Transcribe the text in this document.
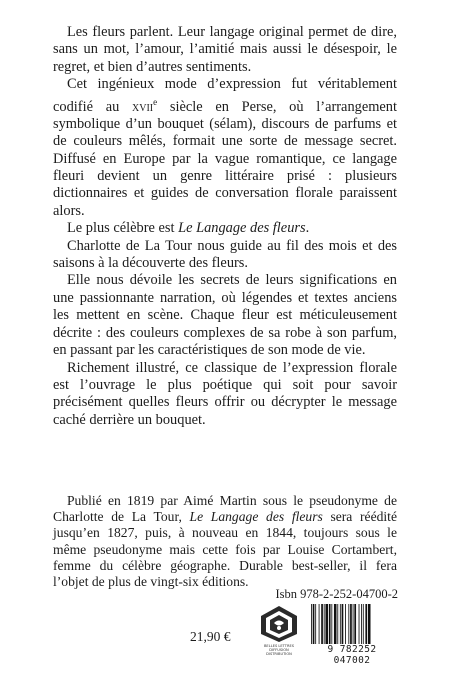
Les fleurs parlent. Leur langage original permet de dire, sans un mot, l’amour, l’amitié mais aussi le désespoir, le regret, et bien d’autres sentiments.

Cet ingénieux mode d’expression fut véritablement codifié au xvii$^e$ siècle en Perse, où l’arrangement symbolique d’un bouquet (sélam), discours de parfums et de couleurs mêlés, formait une sorte de message secret. Diffusé en Europe par la vague romantique, ce langage fleuri devient un genre littéraire prisé : plusieurs dictionnaires et guides de conversation florale paraissent alors.

Le plus célèbre est Le Langage des fleurs.

Charlotte de La Tour nous guide au fil des mois et des saisons à la découverte des fleurs.

Elle nous dévoile les secrets de leurs significations en une passionnante narration, où légendes et textes anciens les mettent en scène. Chaque fleur est méticuleusement décrite : des couleurs complexes de sa robe à son parfum, en passant par les caractéristiques de son mode de vie.

Richement illustré, ce classique de l’expression florale est l’ouvrage le plus poétique qui soit pour savoir précisément quelles fleurs offrir ou décrypter le message caché derrière un bouquet.

Publié en 1819 par Aimé Martin sous le pseudonyme de Charlotte de La Tour, Le Langage des fleurs sera réédité jusqu’en 1827, puis, à nouveau en 1844, toujours sous le même pseudonyme mais cette fois par Louise Cortambert, femme du célèbre géographe. Durable best-seller, il fera l’objet de plus de vingt-six éditions.

Isbn 978-2-252-04700-2
21,90 €
BELLES LETTRES DIFFUSION DISTRIBUTION	9 782252 047002
